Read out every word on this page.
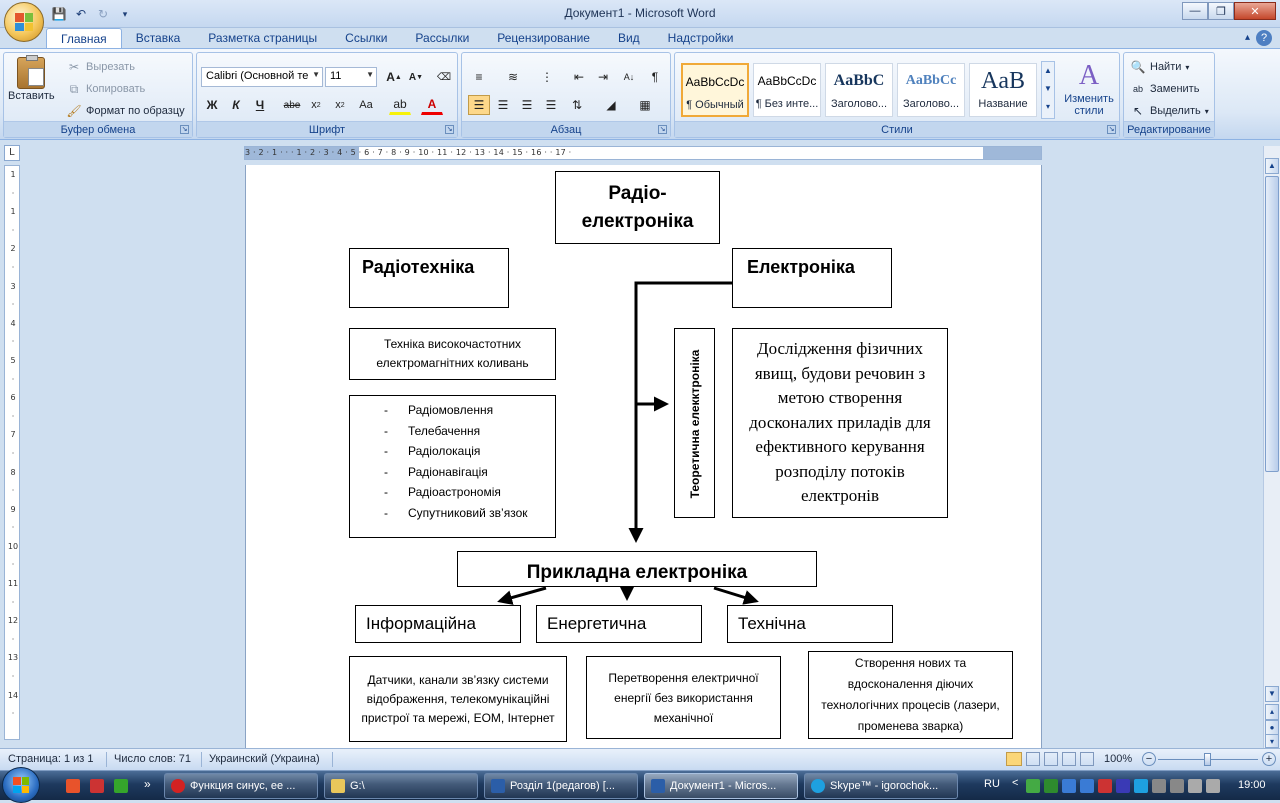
💾 ↶ ↻	▾	Документ1 - Microsoft Word	—	❐	✕
Главная	Вставка	Разметка страницы	Ссылки	Рассылки	Рецензирование	Вид	Надстройки	▴ ?
Вставить
✂ Вырезать
⧉ Копировать
🖌 Формат по образцу
Буфер обмена	↘
Calibri (Основной те ▼ 11	▼ A ▲ A ▼	⌫
Ж	К	Ч	abe x 2	x 2	Aa	ab	A
Шрифт	↘
≡	≋	⋮	⇤	⇥	A↓	¶
☰	☰	☰	☰	⇅	◢	▦
Абзац	↘
AaBbCcDc
¶ Обычный
AaBbCcDc
¶ Без инте...
AaBbC
Заголово...
AaBbCc
Заголово...
AaB
Название
▲
▼
▾
A
Изменить стили
Стили	↘
🔍 Найти ▾
ab Заменить
↖ Выделить ▾
Редактирование
L	3 · 2 · 1 · · · 1 · 2 · 3 · 4 · 5 · 6 · 7 · 8 · 9 · 10 · 11 · 12 · 13 · 14 · 15 · 16 · · 17 ·
1
·
1
·
2
·
3
·
4
·
5
·
6
·
7
·
8
·
9
·
10
·
11
·
12
·
13
·
14
·
Радіо-
електроніка
Радіотехніка	Електроніка
Техніка високочастотних електромагнітних коливань
- Радіомовлення
- Телебачення
- Радіолокація
- Радіонавігація
- Радіоастрономія
- Супутниковий зв’язок
Теоретична елекктроніка
Дослідження фізичних явищ, будови речовин з метою створення досконалих приладів для ефективного керування розподілу потоків електронів
Прикладна електроніка
Інформаційна	Енергетична	Технічна
Датчики, канали зв’язку системи відображення, телекомунікаційні пристрої та мережі, ЕОМ, Інтернет
Перетворення електричної енергії без використання механічної
Створення нових та вдосконалення діючих технологічних процесів (лазери, променева зварка)
▲
▼
▴
●
▾
Страница: 1 из 1 Число слов: 71 Украинский (Украина)	100%	−	+
»	Функция синус, ее ...	G:\	Розділ 1(редагов) [...	Документ1 - Micros...	Skype™ - igorochok...	RU <	19:00
